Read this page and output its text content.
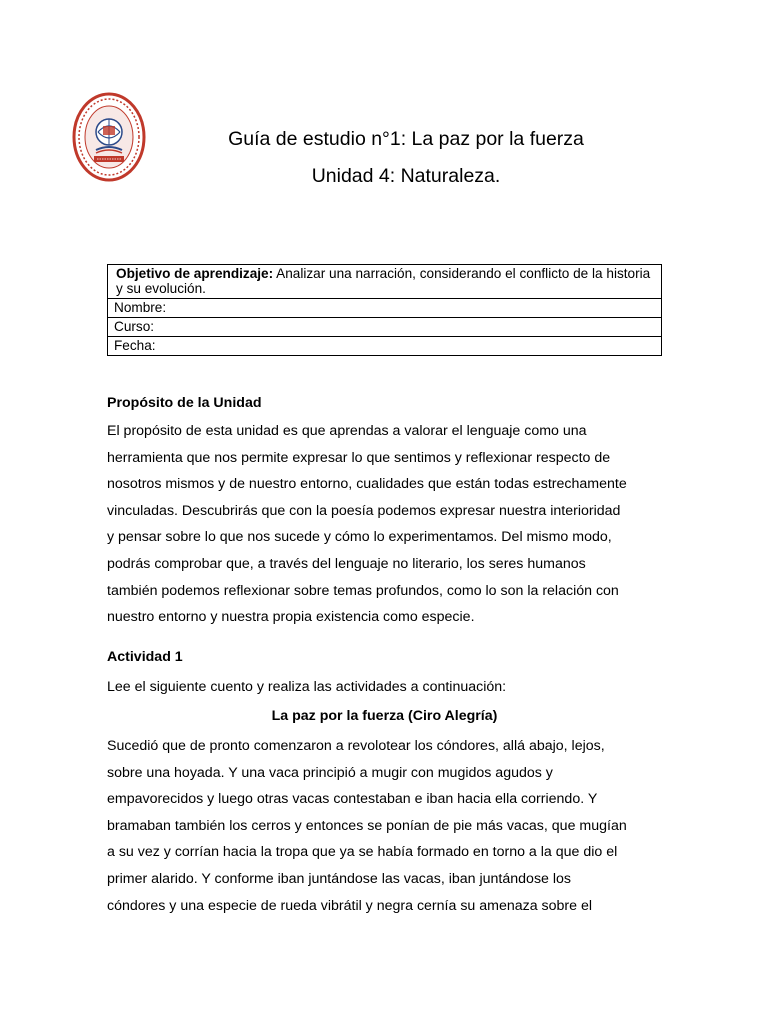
Guía de estudio n°1: La paz por la fuerza
Unidad 4: Naturaleza.
Objetivo de aprendizaje: Analizar una narración, considerando el conflicto de la historia y su evolución.
Nombre:
Curso:
Fecha:
Propósito de la Unidad
El propósito de esta unidad es que aprendas a valorar el lenguaje como una
herramienta que nos permite expresar lo que sentimos y reflexionar respecto de
nosotros mismos y de nuestro entorno, cualidades que están todas estrechamente
vinculadas. Descubrirás que con la poesía podemos expresar nuestra interioridad
y pensar sobre lo que nos sucede y cómo lo experimentamos. Del mismo modo,
podrás comprobar que, a través del lenguaje no literario, los seres humanos
también podemos reflexionar sobre temas profundos, como lo son la relación con
nuestro entorno y nuestra propia existencia como especie.
Actividad 1
Lee el siguiente cuento y realiza las actividades a continuación:
La paz por la fuerza (Ciro Alegría)
Sucedió que de pronto comenzaron a revolotear los cóndores, allá abajo, lejos,
sobre una hoyada. Y una vaca principió a mugir con mugidos agudos y
empavorecidos y luego otras vacas contestaban e iban hacia ella corriendo. Y
bramaban también los cerros y entonces se ponían de pie más vacas, que mugían
a su vez y corrían hacia la tropa que ya se había formado en torno a la que dio el
primer alarido. Y conforme iban juntándose las vacas, iban juntándose los
cóndores y una especie de rueda vibrátil y negra cernía su amenaza sobre el
